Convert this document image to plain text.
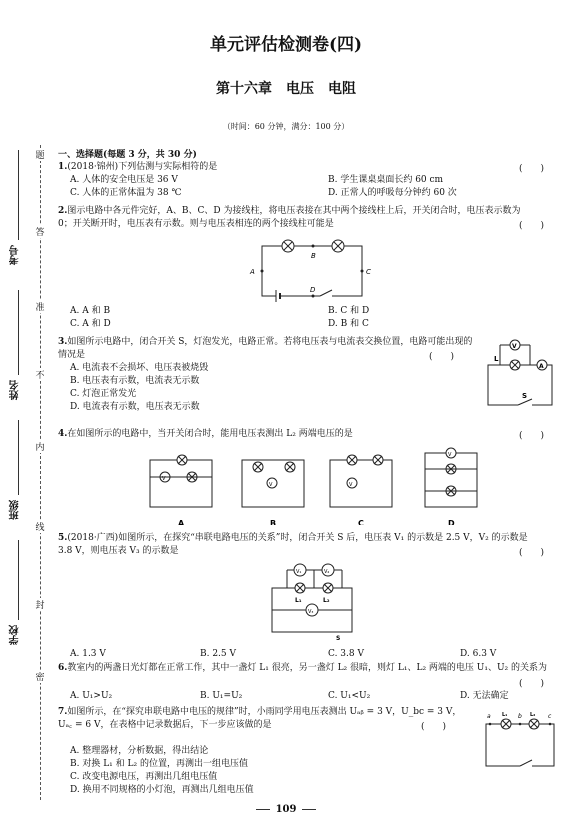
考号
姓名
班级
学校
题
答
准
不
内
线
封
密
单元评估检测卷(四)
第十六章　电压　电阻
（时间：60 分钟，满分：100 分）
一、选择题(每题 3 分，共 30 分)
1.(2018·锦州)下列估测与实际相符的是	(　　)
A. 人体的安全电压是 36 V	B. 学生课桌桌面长约 60 cm
C. 人体的正常体温为 38 ℃	D. 正常人的呼吸每分钟约 60 次
2.图示电路中各元件完好，A、B、C、D 为接线柱，将电压表接在其中两个接线柱上后，开关闭合时，电压表示数为 0；开关断开时，电压表有示数。则与电压表相连的两个接线柱可能是	(　　)
B
A	C
D
A. A 和 B	B. C 和 D
C. A 和 D	D. B 和 C
3.如图所示电路中，闭合开关 S，灯泡发光，电路正常。若将电压表与电流表交换位置，电路可能出现的情况是	(　　)
A. 电流表不会损坏、电压表被烧毁
B. 电压表有示数，电流表无示数
C. 灯泡正常发光
D. 电流表有示数，电压表无示数
V
A
L
S
4.在如图所示的电路中，当开关闭合时，能用电压表测出 L₂ 两端电压的是	(　　)
V
V	V
V
A	B	C	D
5.(2018·广西)如图所示，在探究“串联电路电压的关系”时，闭合开关 S 后，电压表 V₁ 的示数是 2.5 V，V₂ 的示数是 3.8 V，则电压表 V₃ 的示数是	(　　)
V₁	V₂
V₃
L₁	L₂
S
A. 1.3 V	B. 2.5 V	C. 3.8 V	D. 6.3 V
6.教室内的两盏日光灯都在正常工作，其中一盏灯 L₁ 很亮，另一盏灯 L₂ 很暗，则灯 L₁、L₂ 两端的电压 U₁、U₂ 的关系为
(　　)
A. U₁>U₂	B. U₁=U₂	C. U₁<U₂	D. 无法确定
7.如图所示，在“探究串联电路中电压的规律”时，小雨同学用电压表测出 Uₐᵦ = 3 V，U_bc = 3 V，Uₐ꜀ = 6 V，在表格中记录数据后，下一步应该做的是	(　　)
A. 整理器材，分析数据，得出结论
B. 对换 L₁ 和 L₂ 的位置，再测出一组电压值
C. 改变电源电压，再测出几组电压值
D. 换用不同规格的小灯泡，再测出几组电压值
a	b	c
L₁	L₂
109
